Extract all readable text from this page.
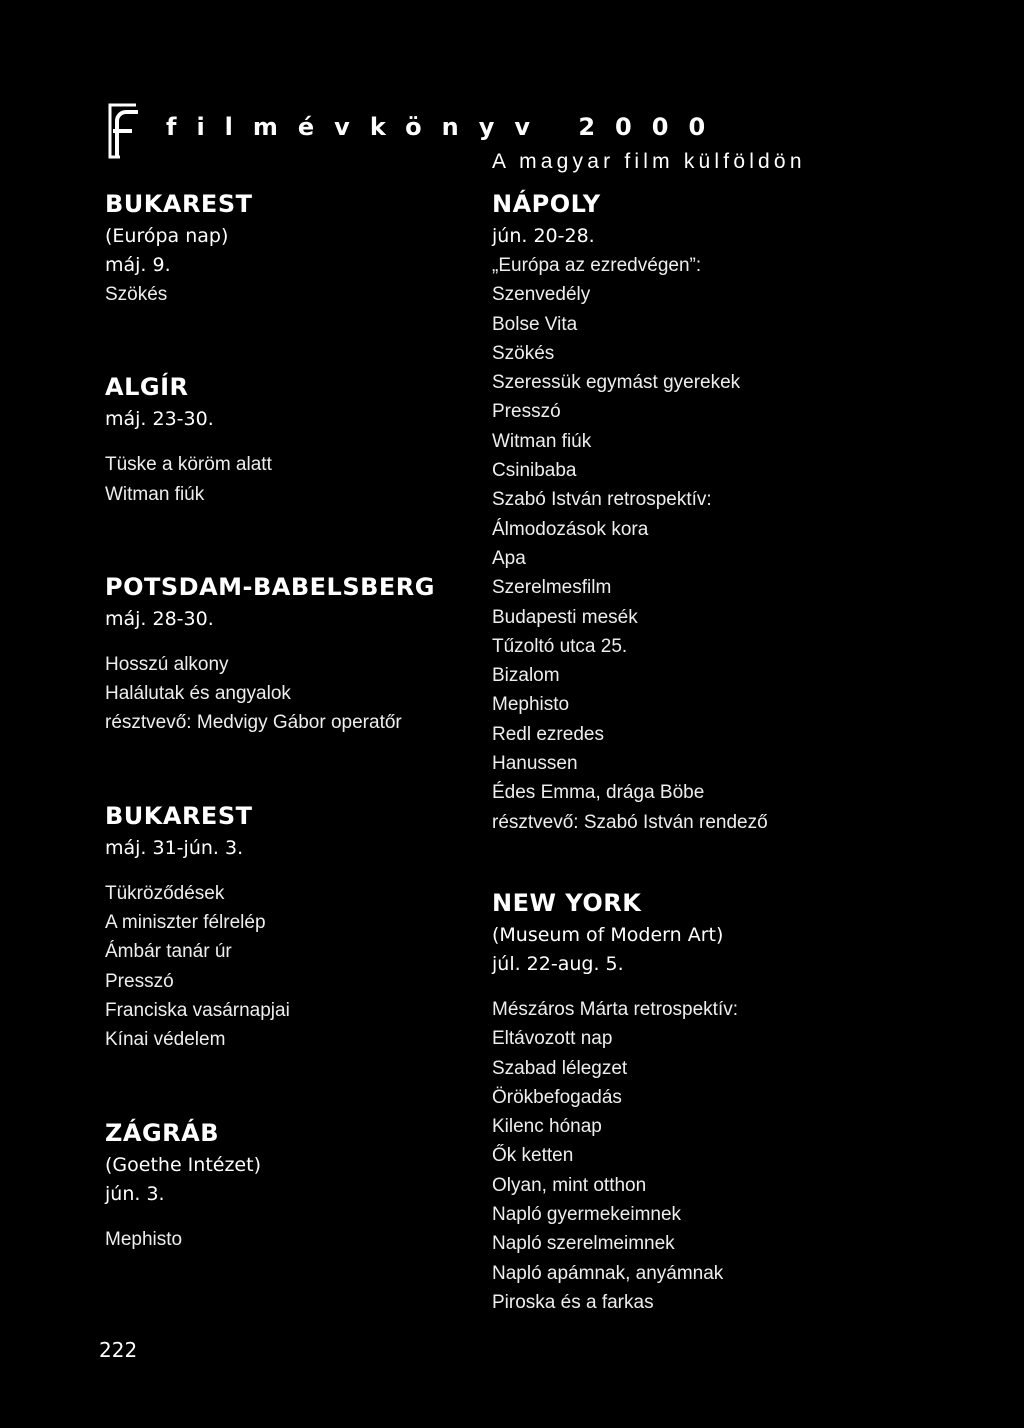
filmévkönyv 2000
A magyar film külföldön
BUKAREST
(Európa nap)
máj. 9.
Szökés
ALGÍR
máj. 23-30.
Tüske a köröm alatt
Witman fiúk
POTSDAM-BABELSBERG
máj. 28-30.
Hosszú alkony
Halálutak és angyalok
résztvevő: Medvigy Gábor operatőr
BUKAREST
máj. 31-jún. 3.
Tükröződések
A miniszter félrelép
Ámbár tanár úr
Presszó
Franciska vasárnapjai
Kínai védelem
ZÁGRÁB
(Goethe Intézet)
jún. 3.
Mephisto
NÁPOLY
jún. 20-28.
„Európa az ezredvégen”:
Szenvedély
Bolse Vita
Szökés
Szeressük egymást gyerekek
Presszó
Witman fiúk
Csinibaba
Szabó István retrospektív:
Álmodozások kora
Apa
Szerelmesfilm
Budapesti mesék
Tűzoltó utca 25.
Bizalom
Mephisto
Redl ezredes
Hanussen
Édes Emma, drága Böbe
résztvevő: Szabó István rendező
NEW YORK
(Museum of Modern Art)
júl. 22-aug. 5.
Mészáros Márta retrospektív:
Eltávozott nap
Szabad lélegzet
Örökbefogadás
Kilenc hónap
Ők ketten
Olyan, mint otthon
Napló gyermekeimnek
Napló szerelmeimnek
Napló apámnak, anyámnak
Piroska és a farkas
222
